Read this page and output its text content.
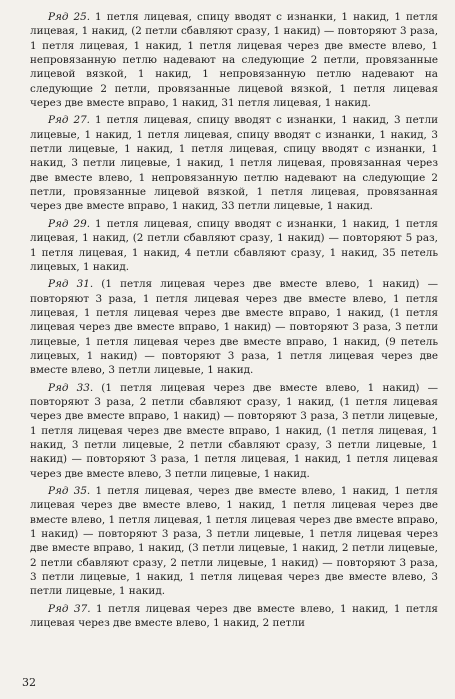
Ряд 25. 1 петля лицевая, спицу вводят с изнанки, 1 накид, 1 петля лицевая, 1 накид, (2 петли сбавляют сразу, 1 накид) — повторяют 3 раза, 1 петля лицевая, 1 накид, 1 петля лицевая через две вместе влево, 1 непровязанную петлю надевают на следующие 2 петли, провязанные лицевой вязкой, 1 накид, 1 непровязанную петлю надевают на следующие 2 петли, провязанные лицевой вязкой, 1 петля лицевая через две вместе вправо, 1 накид, 31 петля лицевая, 1 накид.

Ряд 27. 1 петля лицевая, спицу вводят с изнанки, 1 накид, 3 петли лицевые, 1 накид, 1 петля лицевая, спицу вводят с изнанки, 1 накид, 3 петли лицевые, 1 накид, 1 петля лицевая, спицу вводят с изнанки, 1 накид, 3 петли лицевые, 1 накид, 1 петля лицевая, провязанная через две вместе влево, 1 непровязанную петлю надевают на следующие 2 петли, провязанные лицевой вязкой, 1 петля лицевая, провязанная через две вместе вправо, 1 накид, 33 петли лицевые, 1 накид.

Ряд 29. 1 петля лицевая, спицу вводят с изнанки, 1 накид, 1 петля лицевая, 1 накид, (2 петли сбавляют сразу, 1 накид) — повторяют 5 раз, 1 петля лицевая, 1 накид, 4 петли сбавляют сразу, 1 накид, 35 петель лицевых, 1 накид.

Ряд 31. (1 петля лицевая через две вместе влево, 1 накид) — повторяют 3 раза, 1 петля лицевая через две вместе влево, 1 петля лицевая, 1 петля лицевая через две вместе вправо, 1 накид, (1 петля лицевая через две вместе вправо, 1 накид) — повторяют 3 раза, 3 петли лицевые, 1 петля лицевая через две вместе вправо, 1 накид, (9 петель лицевых, 1 накид) — повторяют 3 раза, 1 петля лицевая через две вместе влево, 3 петли лицевые, 1 накид.

Ряд 33. (1 петля лицевая через две вместе влево, 1 накид) — повторяют 3 раза, 2 петли сбавляют сразу, 1 накид, (1 петля лицевая через две вместе вправо, 1 накид) — повторяют 3 раза, 3 петли лицевые, 1 петля лицевая через две вместе вправо, 1 накид, (1 петля лицевая, 1 накид, 3 петли лицевые, 2 петли сбавляют сразу, 3 петли лицевые, 1 накид) — повторяют 3 раза, 1 петля лицевая, 1 накид, 1 петля лицевая через две вместе влево, 3 петли лицевые, 1 накид.

Ряд 35. 1 петля лицевая, через две вместе влево, 1 накид, 1 петля лицевая через две вместе влево, 1 накид, 1 петля лицевая через две вместе влево, 1 петля лицевая, 1 петля лицевая через две вместе вправо, 1 накид) — повторяют 3 раза, 3 петли лицевые, 1 петля лицевая через две вместе вправо, 1 накид, (3 петли лицевые, 1 накид, 2 петли лицевые, 2 петли сбавляют сразу, 2 петли лицевые, 1 накид) — повторяют 3 раза, 3 петли лицевые, 1 накид, 1 петля лицевая через две вместе влево, 3 петли лицевые, 1 накид.

Ряд 37. 1 петля лицевая через две вместе влево, 1 накид, 1 петля лицевая через две вместе влево, 1 накид, 2 петли

32
